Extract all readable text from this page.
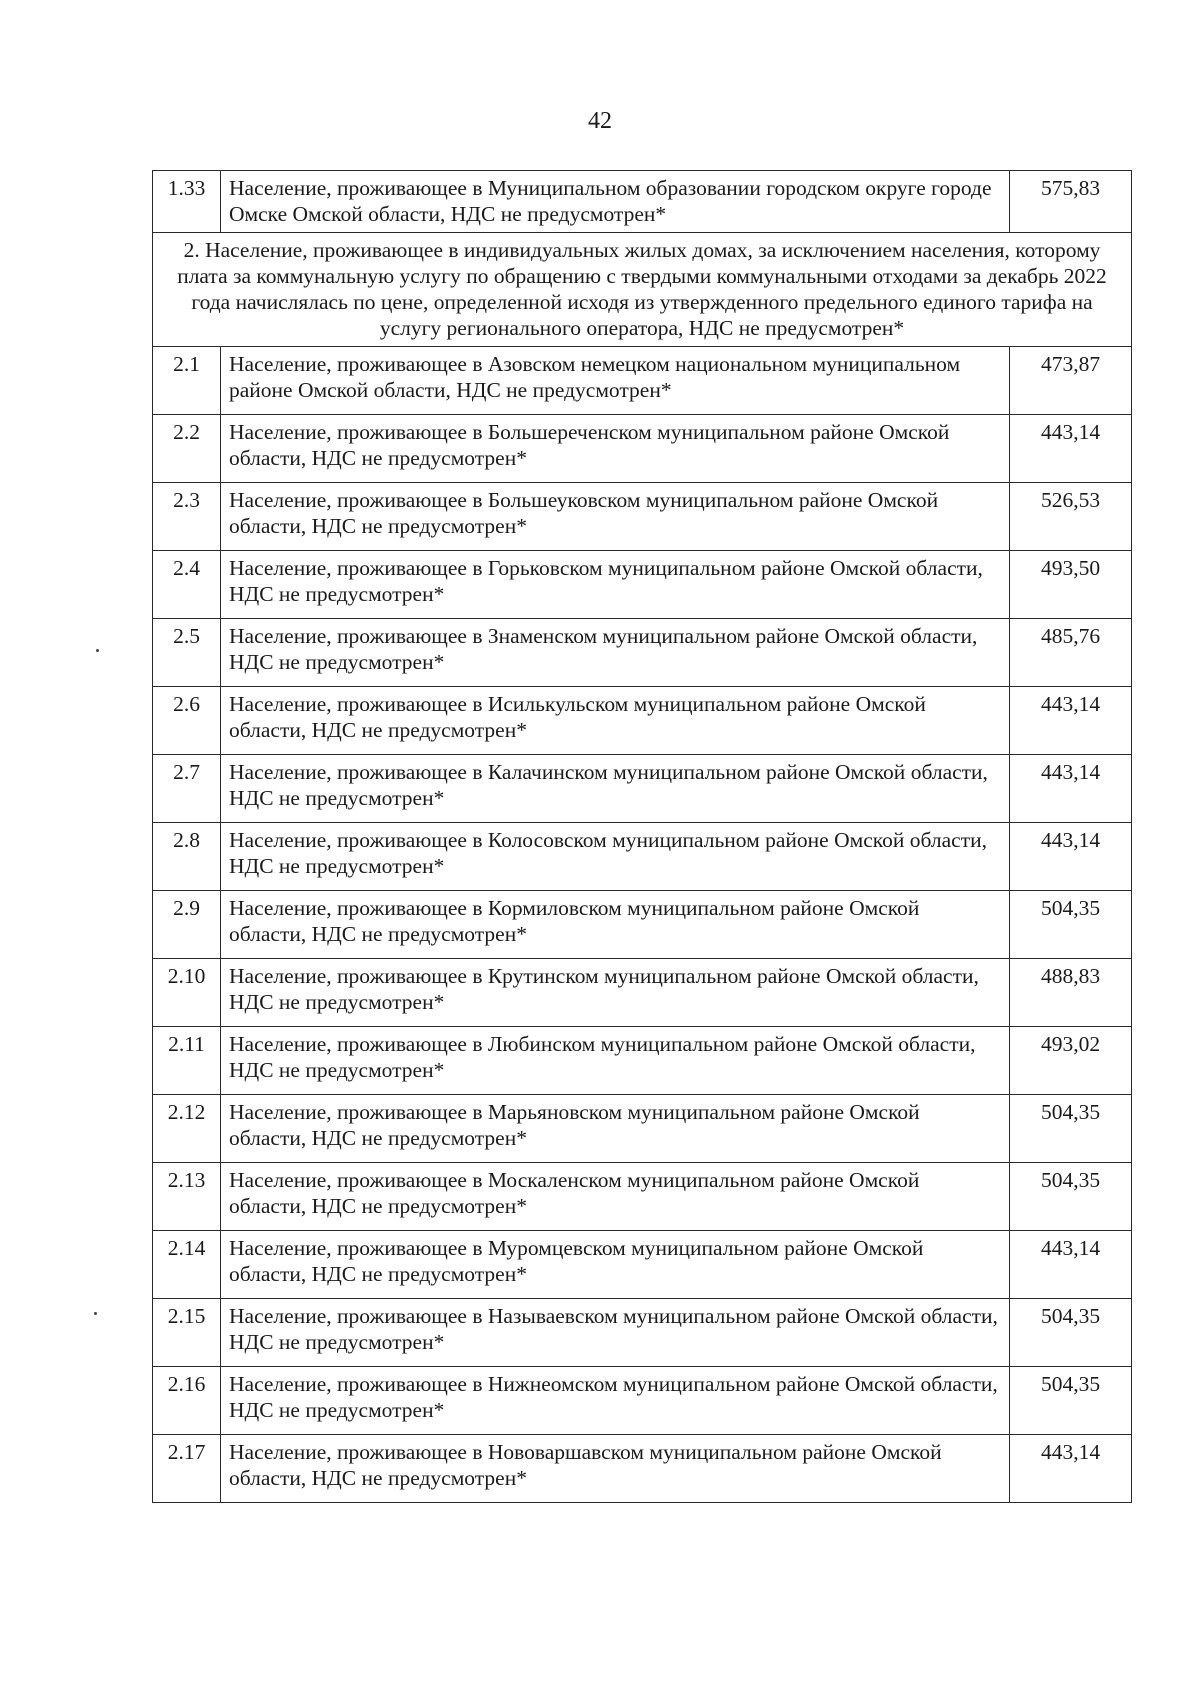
42
1.33	Население, проживающее в Муниципальном образовании городском округе городе Омске Омской области, НДС не предусмотрен*	575,83
2. Население, проживающее в индивидуальных жилых домах, за исключением населения, которому плата за коммунальную услугу по обращению с твердыми коммунальными отходами за декабрь 2022 года начислялась по цене, определенной исходя из утвержденного предельного единого тарифа на услугу регионального оператора, НДС не предусмотрен*		
2.1	Население, проживающее в Азовском немецком национальном муниципальном районе Омской области, НДС не предусмотрен*	473,87
2.2	Население, проживающее в Большереченском муниципальном районе Омской области, НДС не предусмотрен*	443,14
2.3	Население, проживающее в Большеуковском муниципальном районе Омской области, НДС не предусмотрен*	526,53
2.4	Население, проживающее в Горьковском муниципальном районе Омской области, НДС не предусмотрен*	493,50
2.5	Население, проживающее в Знаменском муниципальном районе Омской области, НДС не предусмотрен*	485,76
2.6	Население, проживающее в Исилькульском муниципальном районе Омской области, НДС не предусмотрен*	443,14
2.7	Население, проживающее в Калачинском муниципальном районе Омской области, НДС не предусмотрен*	443,14
2.8	Население, проживающее в Колосовском муниципальном районе Омской области, НДС не предусмотрен*	443,14
2.9	Население, проживающее в Кормиловском муниципальном районе Омской области, НДС не предусмотрен*	504,35
2.10	Население, проживающее в Крутинском муниципальном районе Омской области, НДС не предусмотрен*	488,83
2.11	Население, проживающее в Любинском муниципальном районе Омской области, НДС не предусмотрен*	493,02
2.12	Население, проживающее в Марьяновском муниципальном районе Омской области, НДС не предусмотрен*	504,35
2.13	Население, проживающее в Москаленском муниципальном районе Омской области, НДС не предусмотрен*	504,35
2.14	Население, проживающее в Муромцевском муниципальном районе Омской области, НДС не предусмотрен*	443,14
2.15	Население, проживающее в Называевском муниципальном районе Омской области, НДС не предусмотрен*	504,35
2.16	Население, проживающее в Нижнеомском муниципальном районе Омской области, НДС не предусмотрен*	504,35
2.17	Население, проживающее в Нововаршавском муниципальном районе Омской области, НДС не предусмотрен*	443,14
